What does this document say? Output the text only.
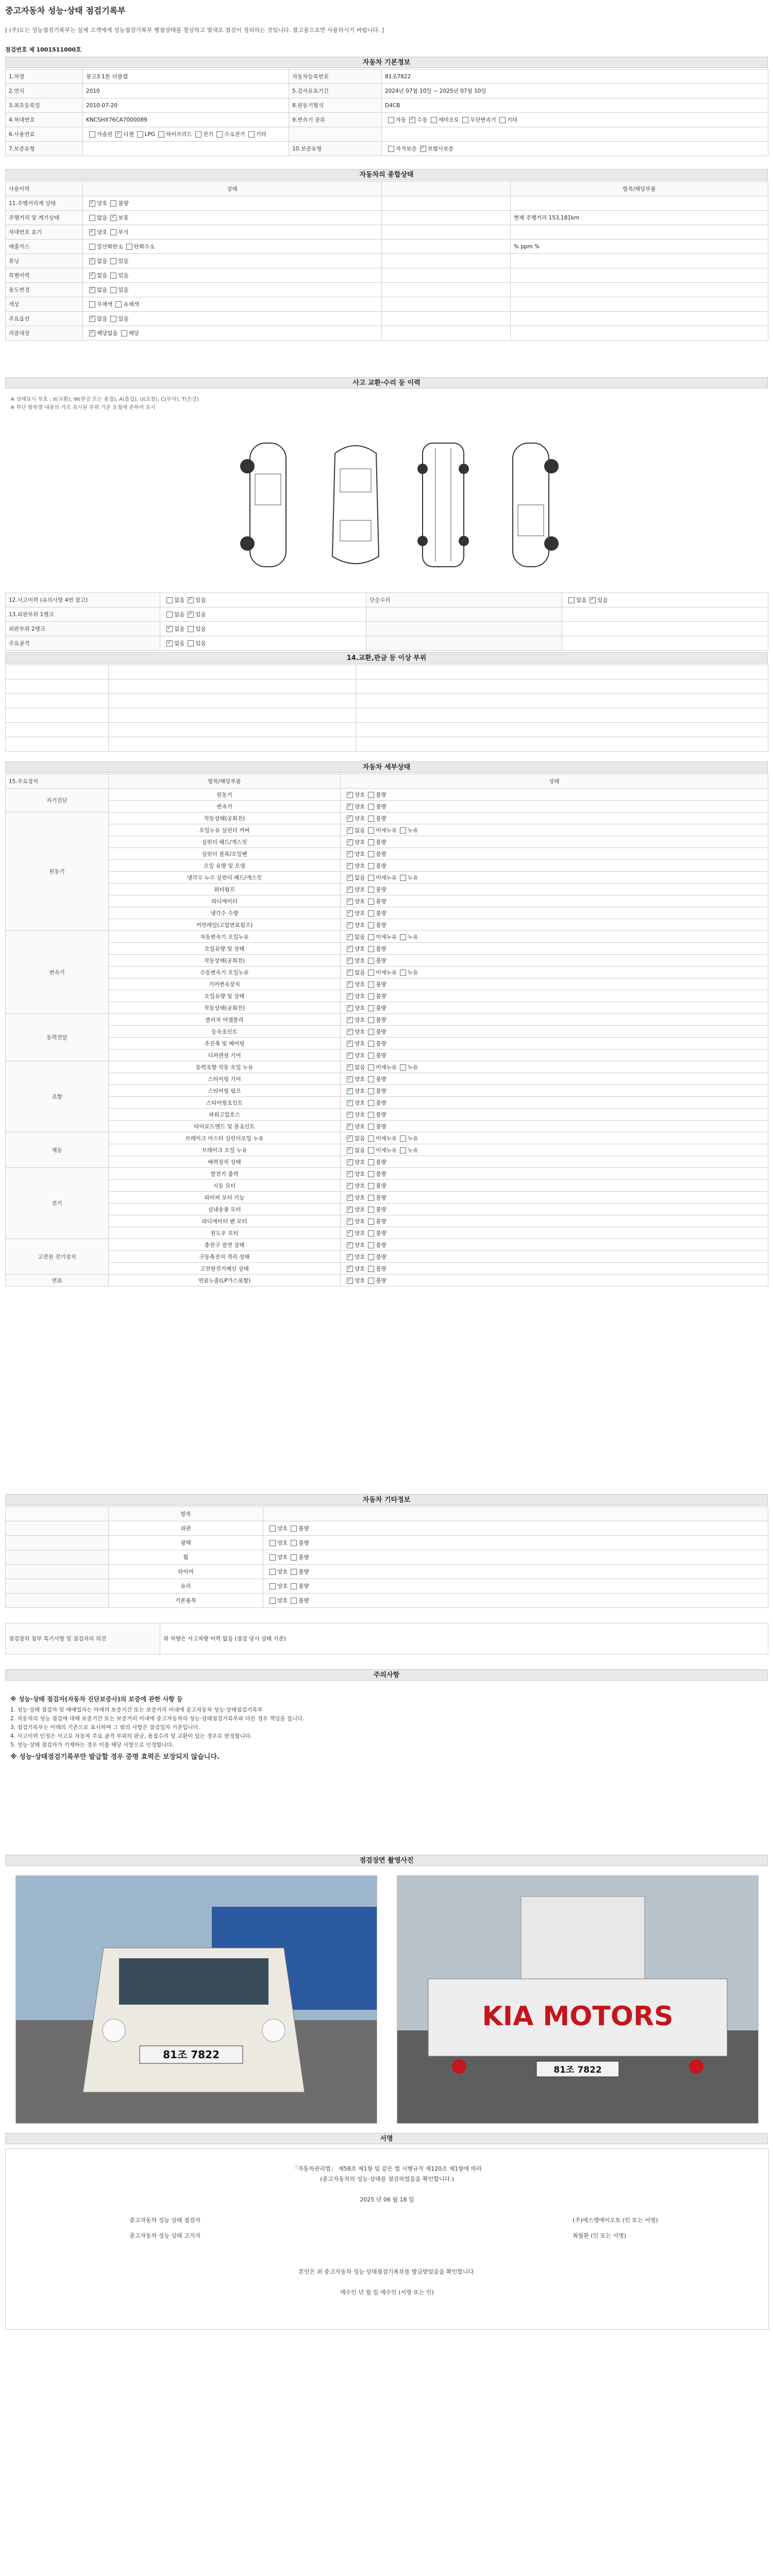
중고자동차 성능·상태 점검기록부
[ (주)도는 성능점검기록부는 실제 고객에게 성능점검기록부 행점상태를 철상하고 빛대로 점검이 정리하는 것입니다. 참고용으로만 사용하시기 바랍니다. ]
점검번호 제 1001511000호
자동차 기본정보
1.차명	봉고3 1톤 더블캡	자동차등록번호	81조7822
2.연식	2010	5.검사유효기간	2024년 07월 10일 ~ 2025년 07월 10일
3.최초등록일	2010-07-20	8.원동기형식	D4CB
4.차대번호	KNCSHX76CA7000089	9.변속기 종류	자동 ✓ 수동 세미오토 무단변속기 기타
6.사용연료	가솔린 ✓ 디젤 LPG 하이브리드 전기 수소전기 기타		
7.보증유형		10.보증유형	자가보증 ✓ 보험사보증
자동차의 종합상태
사용이력	상태		항목/해당부품
11.주행거리계 상태	✓양호 불량		
주행거리 및 계기상태	많음 ✓ 보통		현재 주행거리 153,181km
차대번호 표기	✓양호 부식		
배출가스	일산화탄소 탄화수소		% ppm %
튜닝	✓없음 있음		
특별이력	✓없음 있음		
용도변경	✓없음 있음		
색상	무채색 유채색		
주요옵션	✓없음 있음		
리콜대상	✓해당없음 해당		
사고 교환·수리 등 이력
※ 상태표시 부호 : X(교환), W(판금 또는 용접), A(흠집), U(요철), C(부식), T(손상)
※ 하단 항목별 내용의 가로 표시된 부위 기준 요청에 준하여 표시
12.사고이력 (유의사항 4번 참고)	없음 ✓ 있음	단순수리	없음 ✓ 있음
13.외판부위 1랭크	없음 ✓ 있음		
외판부위 2랭크	✓없음 있음		
주요골격	✓없음 있음		
14.교환,판금 등 이상 부위

자동차 세부상태
15.주요장치	항목/해당부품	상태
자기진단	원동기	✓양호 불량
	변속기	✓양호 불량
원동기	작동상태(공회전)	✓양호 불량
	오일누유 실린더 커버	✓없음 미세누유 누유
	실린더 헤드/개스킷	✓양호 불량
	실린더 블록/오일팬	✓양호 불량
	오일 유량 및 오염	✓양호 불량
	냉각수 누수 실린더 헤드/개스킷	✓없음 미세누유 누유
	워터펌프	✓양호 불량
	라디에이터	✓양호 불량
	냉각수 수량	✓양호 불량
	커먼레일(고압연료펌프)	✓양호 불량
변속기	자동변속기 오일누유	✓없음 미세누유 누유
	오일유량 및 상태	✓양호 불량
	작동상태(공회전)	✓양호 불량
	수동변속기 오일누유	✓없음 미세누유 누유
	기어변속장치	✓양호 불량
	오일유량 및 상태	✓양호 불량
	작동상태(공회전)	✓양호 불량
동력전달	클러치 어셈블리	✓양호 불량
	등속조인트	✓양호 불량
	추진축 및 베어링	✓양호 불량
	디퍼렌셜 기어	✓양호 불량
조향	동력조향 작동 오일 누유	✓없음 미세누유 누유
	스티어링 기어	✓양호 불량
	스티어링 펌프	✓양호 불량
	스티어링조인트	✓양호 불량
	파워고압호스	✓양호 불량
	타이로드엔드 및 볼조인트	✓양호 불량
제동	브레이크 마스터 실린더오일 누유	✓없음 미세누유 누유
	브레이크 오일 누유	✓없음 미세누유 누유
	배력장치 상태	✓양호 불량
전기	발전기 출력	✓양호 불량
	시동 모터	✓양호 불량
	와이퍼 모터 기능	✓양호 불량
	실내송풍 모터	✓양호 불량
	라디에이터 팬 모터	✓양호 불량
	윈도우 모터	✓양호 불량
고전원 전기장치	충전구 절연 상태	✓양호 불량
	구동축전지 격리 상태	✓양호 불량
	고전원전기배선 상태	✓양호 불량
연료	연료누출(LP가스포함)	✓양호 불량
자동차 기타정보
	항목	
	외판	양호 불량
	광택	양호 불량
	휠	양호 불량
	타이어	양호 불량
	유리	양호 불량
	기본품목	양호 불량
점검장의 첨부 특기사항 및 점검자의 의견	위 차량은 사고차량 이력 없음 (점검 당시 상태 기준)
주의사항
※ 성능·상태 점검자(자동차 진단보증사)의 보증에 관한 사항 등
1. 성능·상태 점검자 및 매매업자는 아래의 보증기간 또는 보증거리 이내에 중고자동차 성능·상태점검기록부
2. 자동차의 성능 점검에 대해 보증기간 또는 보증거리 이내에 중고자동차의 성능·상태점검기록부와 다른 경우 책임을 집니다.
3. 점검기록부는 아래의 기준으로 표시하며 그 밖의 사항은 점검일자 기준입니다.
4. 사고이력 인정은 사고로 자동차 주요 골격 부위의 판금, 용접수리 및 교환이 있는 경우로 한정합니다.
5. 성능·상태 점검자가 기재하는 경우 이를 해당 사항으로 인정합니다.
※ 성능·상태점검기록부만 발급할 경우 증명 효력은 보장되지 않습니다.
점검장면 촬영사진
81조 7822
KIA MOTORS
81조 7822
서명
「자동차관리법」 제58조 제1항 및 같은 법 시행규칙 제120조 제1항에 따라
(중고자동차의 성능·상태를 점검하였음을 확인합니다.)
2025 년 06 월 18 일
중고자동차 성능 상태 점검자	(주)에스엠에이오토 (인 또는 서명)
중고자동차 성능 상태 고지자	최월환 (인 또는 서명)
본인은 위 중고자동차 성능·상태점검기록부를 발급받았음을 확인합니다.
매수인 년 월 일 매수인 (서명 또는 인)
